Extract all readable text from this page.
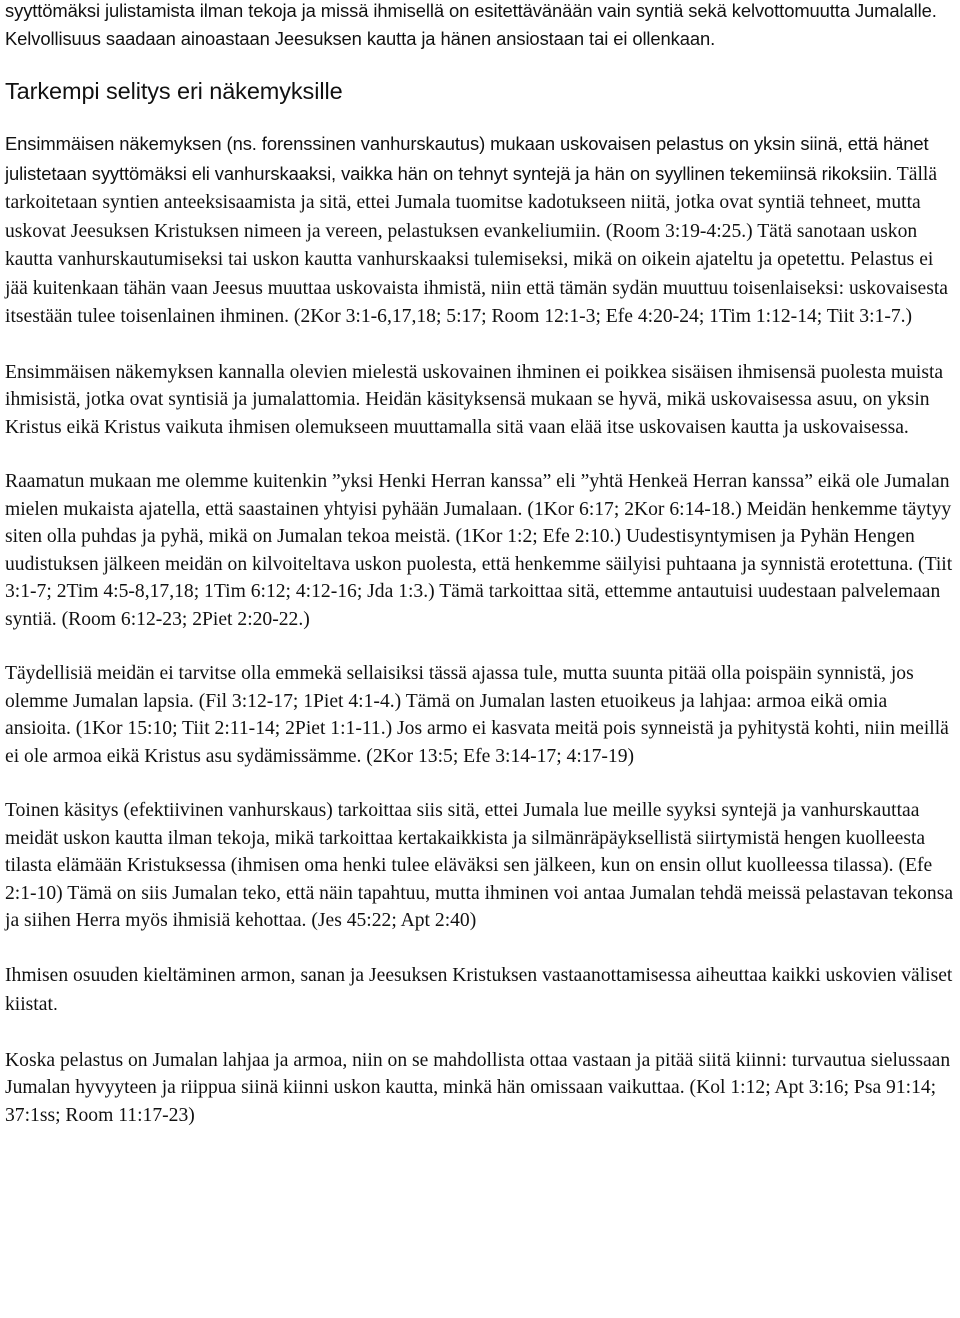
syyttömäksi julistamista ilman tekoja ja missä ihmisellä on esitettävänään vain syntiä sekä kelvottomuutta Jumalalle. Kelvollisuus saadaan ainoastaan Jeesuksen kautta ja hänen ansiostaan tai ei ollenkaan.

Tarkempi selitys eri näkemyksille

Ensimmäisen näkemyksen (ns. forenssinen vanhurskautus) mukaan uskovaisen pelastus on yksin siinä, että hänet julistetaan syyttömäksi eli vanhurskaaksi, vaikka hän on tehnyt syntejä ja hän on syyllinen tekemiinsä rikoksiin. Tällä tarkoitetaan syntien anteeksisaamista ja sitä, ettei Jumala tuomitse kadotukseen niitä, jotka ovat syntiä tehneet, mutta uskovat Jeesuksen Kristuksen nimeen ja vereen, pelastuksen evankeliumiin. (Room 3:19-4:25.) Tätä sanotaan uskon kautta vanhurskautumiseksi tai uskon kautta vanhurskaaksi tulemiseksi, mikä on oikein ajateltu ja opetettu. Pelastus ei jää kuitenkaan tähän vaan Jeesus muuttaa uskovaista ihmistä, niin että tämän sydän muuttuu toisenlaiseksi: uskovaisesta itsestään tulee toisenlainen ihminen. (2Kor 3:1-6,17,18; 5:17; Room 12:1-3; Efe 4:20-24; 1Tim 1:12-14; Tiit 3:1-7.)

Ensimmäisen näkemyksen kannalla olevien mielestä uskovainen ihminen ei poikkea sisäisen ihmisensä puolesta muista ihmisistä, jotka ovat syntisiä ja jumalattomia. Heidän käsityksensä mukaan se hyvä, mikä uskovaisessa asuu, on yksin Kristus eikä Kristus vaikuta ihmisen olemukseen muuttamalla sitä vaan elää itse uskovaisen kautta ja uskovaisessa.

Raamatun mukaan me olemme kuitenkin ”yksi Henki Herran kanssa” eli ”yhtä Henkeä Herran kanssa” eikä ole Jumalan mielen mukaista ajatella, että saastainen yhtyisi pyhään Jumalaan. (1Kor 6:17; 2Kor 6:14-18.) Meidän henkemme täytyy siten olla puhdas ja pyhä, mikä on Jumalan tekoa meistä. (1Kor 1:2; Efe 2:10.) Uudestisyntymisen ja Pyhän Hengen uudistuksen jälkeen meidän on kilvoiteltava uskon puolesta, että henkemme säilyisi puhtaana ja synnistä erotettuna. (Tiit 3:1-7; 2Tim 4:5-8,17,18; 1Tim 6:12; 4:12-16; Jda 1:3.) Tämä tarkoittaa sitä, ettemme antautuisi uudestaan palvelemaan syntiä. (Room 6:12-23; 2Piet 2:20-22.)

Täydellisiä meidän ei tarvitse olla emmekä sellaisiksi tässä ajassa tule, mutta suunta pitää olla poispäin synnistä, jos olemme Jumalan lapsia. (Fil 3:12-17; 1Piet 4:1-4.) Tämä on Jumalan lasten etuoikeus ja lahjaa: armoa eikä omia ansioita. (1Kor 15:10; Tiit 2:11-14; 2Piet 1:1-11.) Jos armo ei kasvata meitä pois synneistä ja pyhitystä kohti, niin meillä ei ole armoa eikä Kristus asu sydämissämme. (2Kor 13:5; Efe 3:14-17; 4:17-19)

Toinen käsitys (efektiivinen vanhurskaus) tarkoittaa siis sitä, ettei Jumala lue meille syyksi syntejä ja vanhurskauttaa meidät uskon kautta ilman tekoja, mikä tarkoittaa kertakaikkista ja silmänräpäyksellistä siirtymistä hengen kuolleesta tilasta elämään Kristuksessa (ihmisen oma henki tulee eläväksi sen jälkeen, kun on ensin ollut kuolleessa tilassa). (Efe 2:1-10) Tämä on siis Jumalan teko, että näin tapahtuu, mutta ihminen voi antaa Jumalan tehdä meissä pelastavan tekonsa ja siihen Herra myös ihmisiä kehottaa. (Jes 45:22; Apt 2:40)

Ihmisen osuuden kieltäminen armon, sanan ja Jeesuksen Kristuksen vastaanottamisessa aiheuttaa kaikki uskovien väliset kiistat.

Koska pelastus on Jumalan lahjaa ja armoa, niin on se mahdollista ottaa vastaan ja pitää siitä kiinni: turvautua sielussaan Jumalan hyvyyteen ja riippua siinä kiinni uskon kautta, minkä hän omissaan vaikuttaa. (Kol 1:12; Apt 3:16; Psa 91:14; 37:1ss; Room 11:17-23)
